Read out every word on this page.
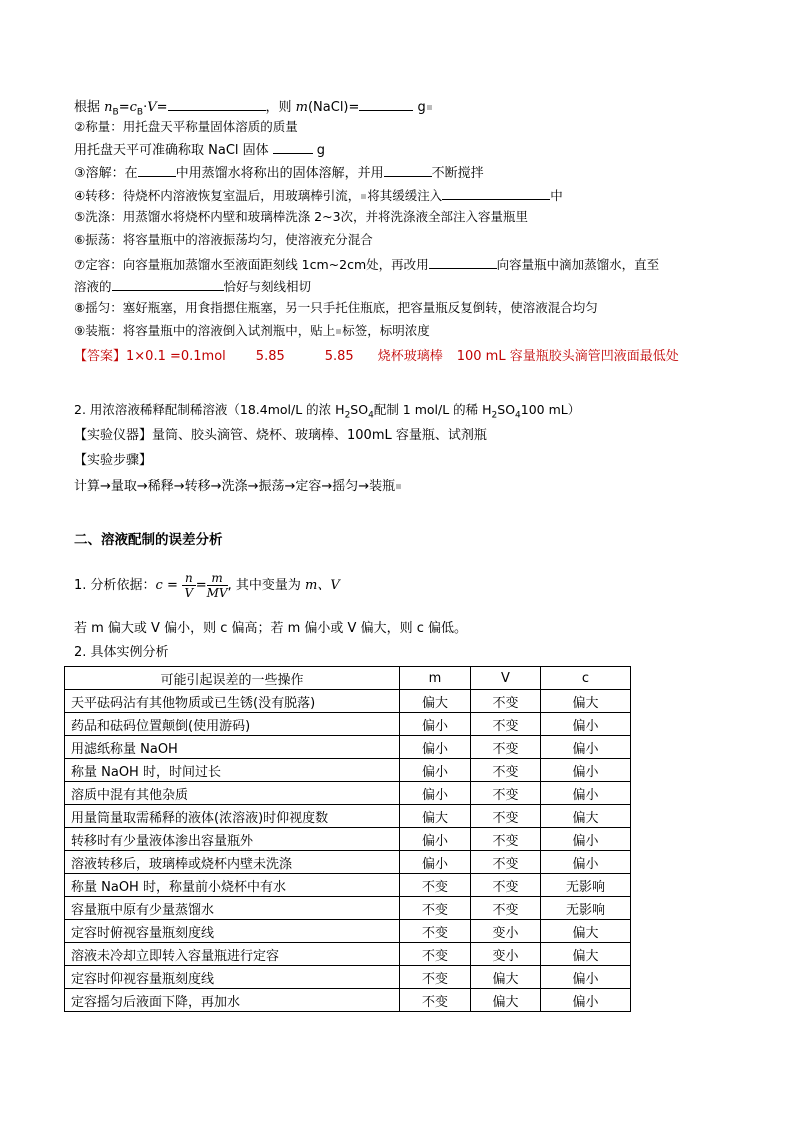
根据 $n_B=c_B\cdot V=$	，则 m(NaCl)=	g
②称量：用托盘天平称量固体溶质的质量
用托盘天平可准确称取 NaCl 固体	g
③溶解：在	中用蒸馏水将称出的固体溶解，并用	不断搅拌
④转移：待烧杯内溶液恢复室温后，用玻璃棒引流， 将其缓缓注入	中
⑤洗涤：用蒸馏水将烧杯内壁和玻璃棒洗涤 2~3次，并将洗涤液全部注入容量瓶里
⑥振荡：将容量瓶中的溶液振荡均匀，使溶液充分混合
⑦定容：向容量瓶加蒸馏水至液面距刻线 1cm~2cm处，再改用	向容量瓶中滴加蒸馏水，直至
溶液的	恰好与刻线相切
⑧摇匀：塞好瓶塞，用食指摁住瓶塞，另一只手托住瓶底，把容量瓶反复倒转，使溶液混合均匀
⑨装瓶：将容量瓶中的溶液倒入试剂瓶中，贴上 标签，标明浓度
【答案】1×0.1 =0.1mol 5.85	5.85 烧杯玻璃棒 100 mL 容量瓶胶头滴管凹液面最低处
2. 用浓溶液稀释配制稀溶液（18.4mol/L 的浓 $H_2SO_4$配制 1 mol/L 的稀 $H_2SO_4100$ mL）
【实验仪器】量筒、胶头滴管、烧杯、玻璃棒、100mL 容量瓶、试剂瓶
【实验步骤】
计算→量取→稀释→转移→洗涤→振荡→定容→摇匀→装瓶
二、溶液配制的误差分析
1. 分析依据：$c = \frac{n}{V} = \frac{m}{MV}$ , 其中变量为 m、V
若 m 偏大或 V 偏小，则 c 偏高；若 m 偏小或 V 偏大，则 c 偏低。
2. 具体实例分析
可能引起误差的一些操作	m	V	c
天平砝码沾有其他物质或已生锈(没有脱落)	偏大	不变	偏大
药品和砝码位置颠倒(使用游码)	偏小	不变	偏小
用滤纸称量 NaOH	偏小	不变	偏小
称量 NaOH 时，时间过长	偏小	不变	偏小
溶质中混有其他杂质	偏小	不变	偏小
用量筒量取需稀释的液体(浓溶液)时仰视度数	偏大	不变	偏大
转移时有少量液体渗出容量瓶外	偏小	不变	偏小
溶液转移后，玻璃棒或烧杯内壁未洗涤	偏小	不变	偏小
称量 NaOH 时，称量前小烧杯中有水	不变	不变	无影响
容量瓶中原有少量蒸馏水	不变	不变	无影响
定容时俯视容量瓶刻度线	不变	变小	偏大
溶液未冷却立即转入容量瓶进行定容	不变	变小	偏大
定容时仰视容量瓶刻度线	不变	偏大	偏小
定容摇匀后液面下降，再加水	不变	偏大	偏小
